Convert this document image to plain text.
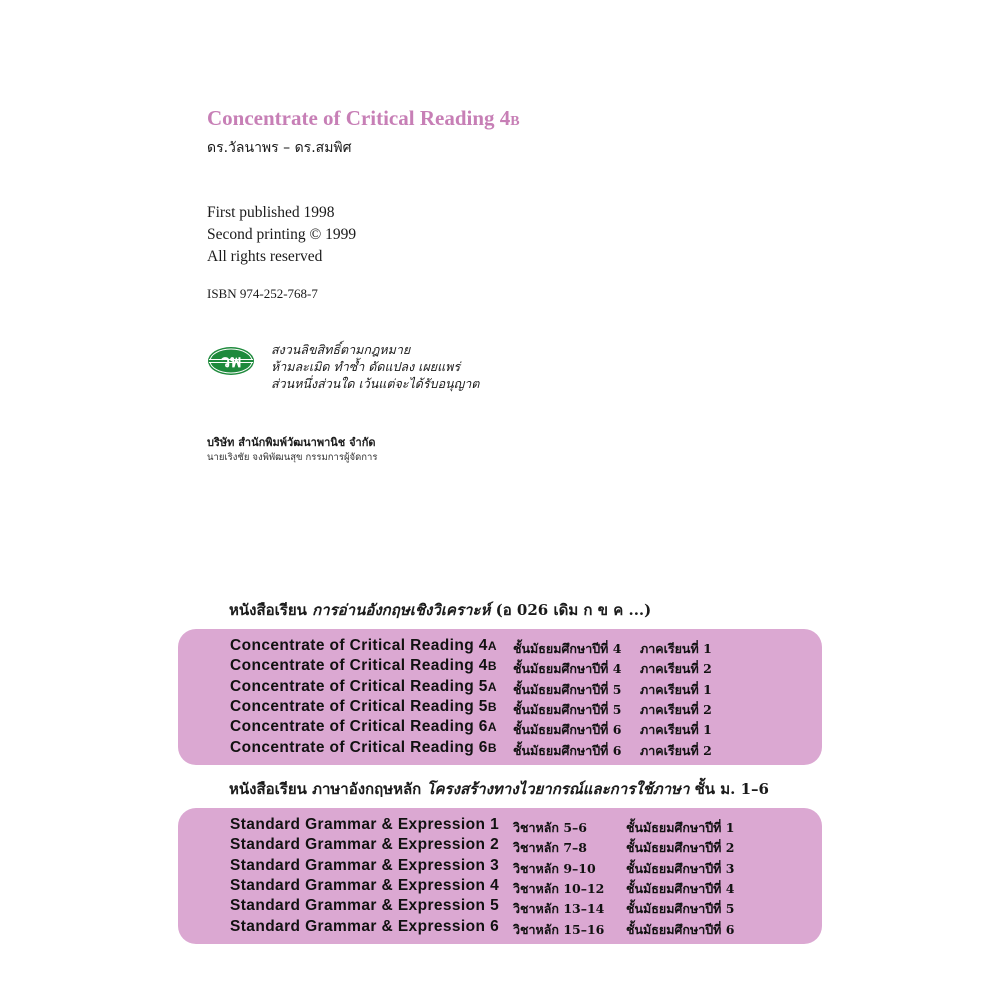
Concentrate of Critical Reading 4B
ดร.วัลนาพร – ดร.สมพิศ
First published 1998
Second printing © 1999
All rights reserved
ISBN 974-252-768-7
วพ
สงวนลิขสิทธิ์ตามกฎหมาย
ห้ามละเมิด ทำซ้ำ ดัดแปลง เผยแพร่
ส่วนหนึ่งส่วนใด เว้นแต่จะได้รับอนุญาต
บริษัท สำนักพิมพ์วัฒนาพานิช จำกัด
นายเริงชัย จงพิพัฒนสุข กรรมการผู้จัดการ
หนังสือเรียน การอ่านอังกฤษเชิงวิเคราะห์ (อ 026 เดิม ก ข ค ...)
Concentrate of Critical Reading 4A ชั้นมัธยมศึกษาปีที่ 4 ภาคเรียนที่ 1
Concentrate of Critical Reading 4B ชั้นมัธยมศึกษาปีที่ 4 ภาคเรียนที่ 2
Concentrate of Critical Reading 5A ชั้นมัธยมศึกษาปีที่ 5 ภาคเรียนที่ 1
Concentrate of Critical Reading 5B ชั้นมัธยมศึกษาปีที่ 5 ภาคเรียนที่ 2
Concentrate of Critical Reading 6A ชั้นมัธยมศึกษาปีที่ 6 ภาคเรียนที่ 1
Concentrate of Critical Reading 6B ชั้นมัธยมศึกษาปีที่ 6 ภาคเรียนที่ 2
หนังสือเรียน ภาษาอังกฤษหลัก โครงสร้างทางไวยากรณ์และการใช้ภาษา ชั้น ม. 1–6
Standard Grammar & Expression 1 วิชาหลัก 5–6	ชั้นมัธยมศึกษาปีที่ 1
Standard Grammar & Expression 2 วิชาหลัก 7–8	ชั้นมัธยมศึกษาปีที่ 2
Standard Grammar & Expression 3 วิชาหลัก 9–10 ชั้นมัธยมศึกษาปีที่ 3
Standard Grammar & Expression 4 วิชาหลัก 10–12 ชั้นมัธยมศึกษาปีที่ 4
Standard Grammar & Expression 5 วิชาหลัก 13–14 ชั้นมัธยมศึกษาปีที่ 5
Standard Grammar & Expression 6 วิชาหลัก 15–16 ชั้นมัธยมศึกษาปีที่ 6
